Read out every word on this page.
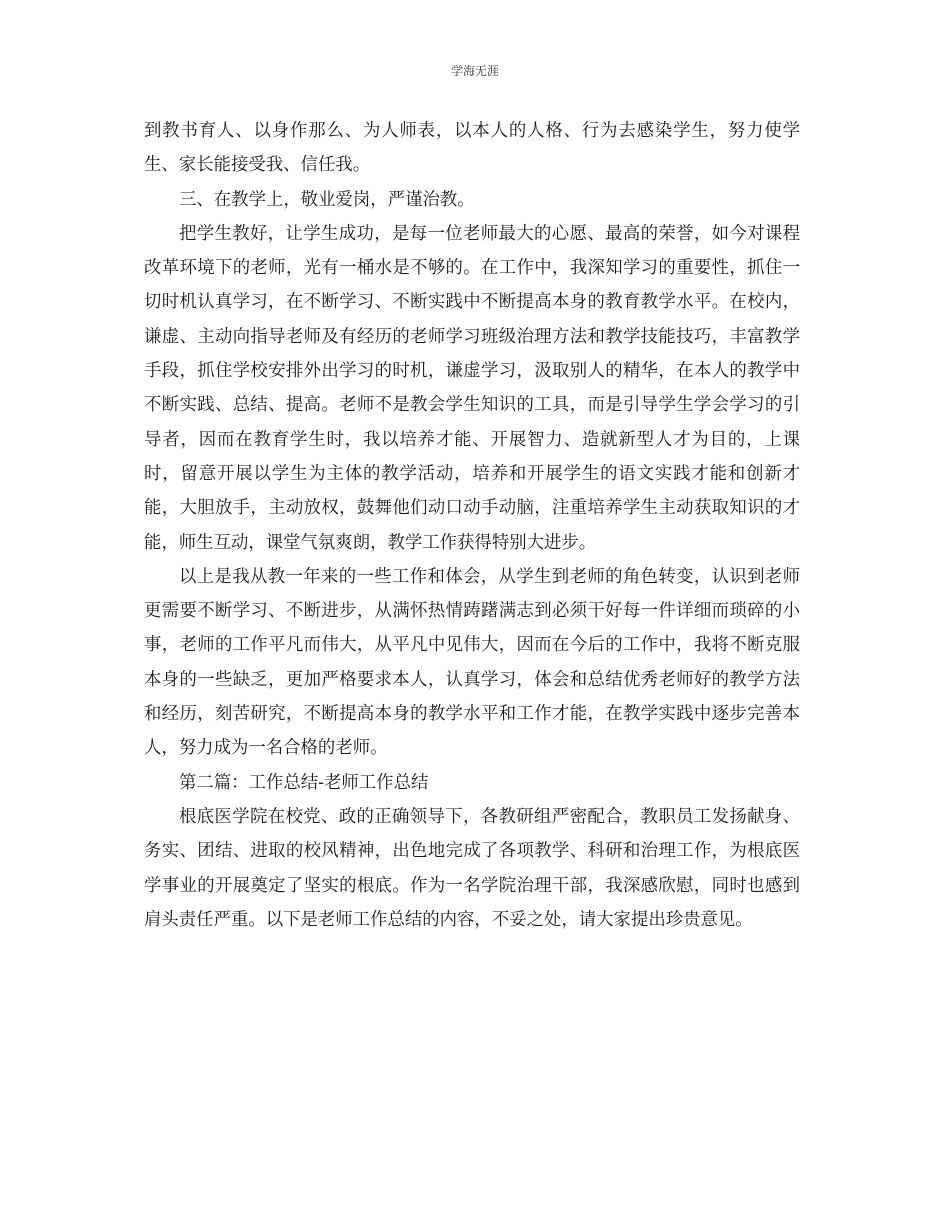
学海无涯

到教书育人、以身作那么、为人师表，以本人的人格、行为去感染学生，努力使学生、家长能接受我、信任我。

三、在教学上，敬业爱岗，严谨治教。

把学生教好，让学生成功，是每一位老师最大的心愿、最高的荣誉，如今对课程改革环境下的老师，光有一桶水是不够的。在工作中，我深知学习的重要性，抓住一切时机认真学习，在不断学习、不断实践中不断提高本身的教育教学水平。在校内，谦虚、主动向指导老师及有经历的老师学习班级治理方法和教学技能技巧，丰富教学手段，抓住学校安排外出学习的时机，谦虚学习，汲取别人的精华，在本人的教学中不断实践、总结、提高。老师不是教会学生知识的工具，而是引导学生学会学习的引导者，因而在教育学生时，我以培养才能、开展智力、造就新型人才为目的，上课时，留意开展以学生为主体的教学活动，培养和开展学生的语文实践才能和创新才能，大胆放手，主动放权，鼓舞他们动口动手动脑，注重培养学生主动获取知识的才能，师生互动，课堂气氛爽朗，教学工作获得特别大进步。

以上是我从教一年来的一些工作和体会，从学生到老师的角色转变，认识到老师更需要不断学习、不断进步，从满怀热情踌躇满志到必须干好每一件详细而琐碎的小事，老师的工作平凡而伟大，从平凡中见伟大，因而在今后的工作中，我将不断克服本身的一些缺乏，更加严格要求本人，认真学习，体会和总结优秀老师好的教学方法和经历，刻苦研究，不断提高本身的教学水平和工作才能，在教学实践中逐步完善本人，努力成为一名合格的老师。

第二篇：工作总结-老师工作总结

根底医学院在校党、政的正确领导下，各教研组严密配合，教职员工发扬献身、务实、团结、进取的校风精神，出色地完成了各项教学、科研和治理工作，为根底医学事业的开展奠定了坚实的根底。作为一名学院治理干部，我深感欣慰，同时也感到肩头责任严重。以下是老师工作总结的内容，不妥之处，请大家提出珍贵意见。
